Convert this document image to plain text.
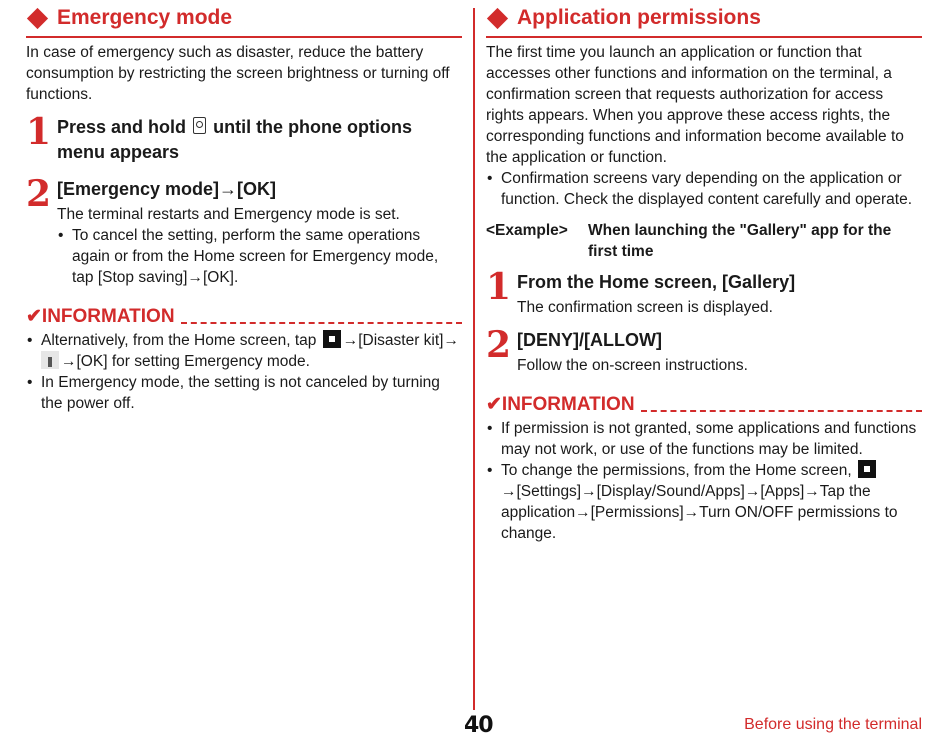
Emergency mode

In case of emergency such as disaster, reduce the battery consumption by restricting the screen brightness or turning off functions.

1 Press and hold until the phone options menu appears

2 [Emergency mode]→[OK]

The terminal restarts and Emergency mode is set.

• To cancel the setting, perform the same operations again or from the Home screen for Emergency mode, tap [Stop saving]→[OK].
✔ INFORMATION
• Alternatively, from the Home screen, tap →[Disaster kit]→ →[OK] for setting Emergency mode.
• In Emergency mode, the setting is not canceled by turning the power off.
Application permissions

The first time you launch an application or function that accesses other functions and information on the terminal, a confirmation screen that requests authorization for access rights appears. When you approve these access rights, the corresponding functions and information become available to the application or function.

• Confirmation screens vary depending on the application or function. Check the displayed content carefully and operate.
<Example>	When launching the "Gallery" app for the first time
1 From the Home screen, [Gallery]

The confirmation screen is displayed.

2 [DENY]/[ALLOW]

Follow the on-screen instructions.

✔ INFORMATION
• If permission is not granted, some applications and functions may not work, or use of the functions may be limited.
• To change the permissions, from the Home screen, →[Settings]→[Display/Sound/Apps]→[Apps]→Tap the application→[Permissions]→Turn ON/OFF permissions to change.
40	Before using the terminal
